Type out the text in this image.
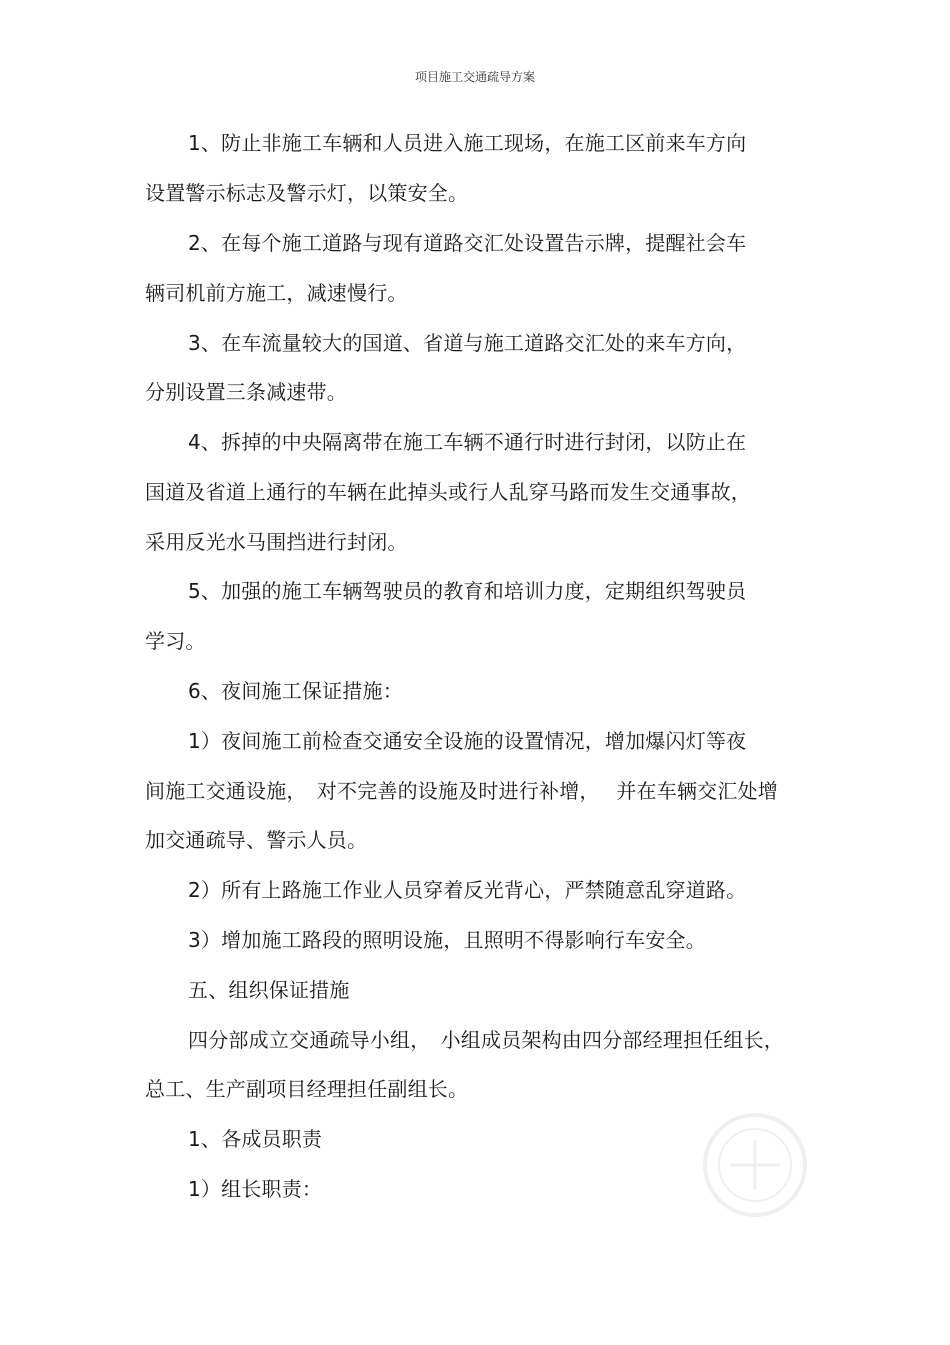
项目施工交通疏导方案
1、防止非施工车辆和人员进入施工现场，在施工区前来车方向
设置警示标志及警示灯，以策安全。
2、在每个施工道路与现有道路交汇处设置告示牌，提醒社会车
辆司机前方施工，减速慢行。
3、在车流量较大的国道、省道与施工道路交汇处的来车方向，
分别设置三条减速带。
4、拆掉的中央隔离带在施工车辆不通行时进行封闭，以防止在
国道及省道上通行的车辆在此掉头或行人乱穿马路而发生交通事故，
采用反光水马围挡进行封闭。
5、加强的施工车辆驾驶员的教育和培训力度，定期组织驾驶员
学习。
6、夜间施工保证措施：
1）夜间施工前检查交通安全设施的设置情况，增加爆闪灯等夜
间施工交通设施，　对不完善的设施及时进行补增，　 并在车辆交汇处增
加交通疏导、警示人员。
2）所有上路施工作业人员穿着反光背心，严禁随意乱穿道路。
3）增加施工路段的照明设施，且照明不得影响行车安全。
五、组织保证措施
四分部成立交通疏导小组，　小组成员架构由四分部经理担任组长，
总工、生产副项目经理担任副组长。
1、各成员职责
1）组长职责：
